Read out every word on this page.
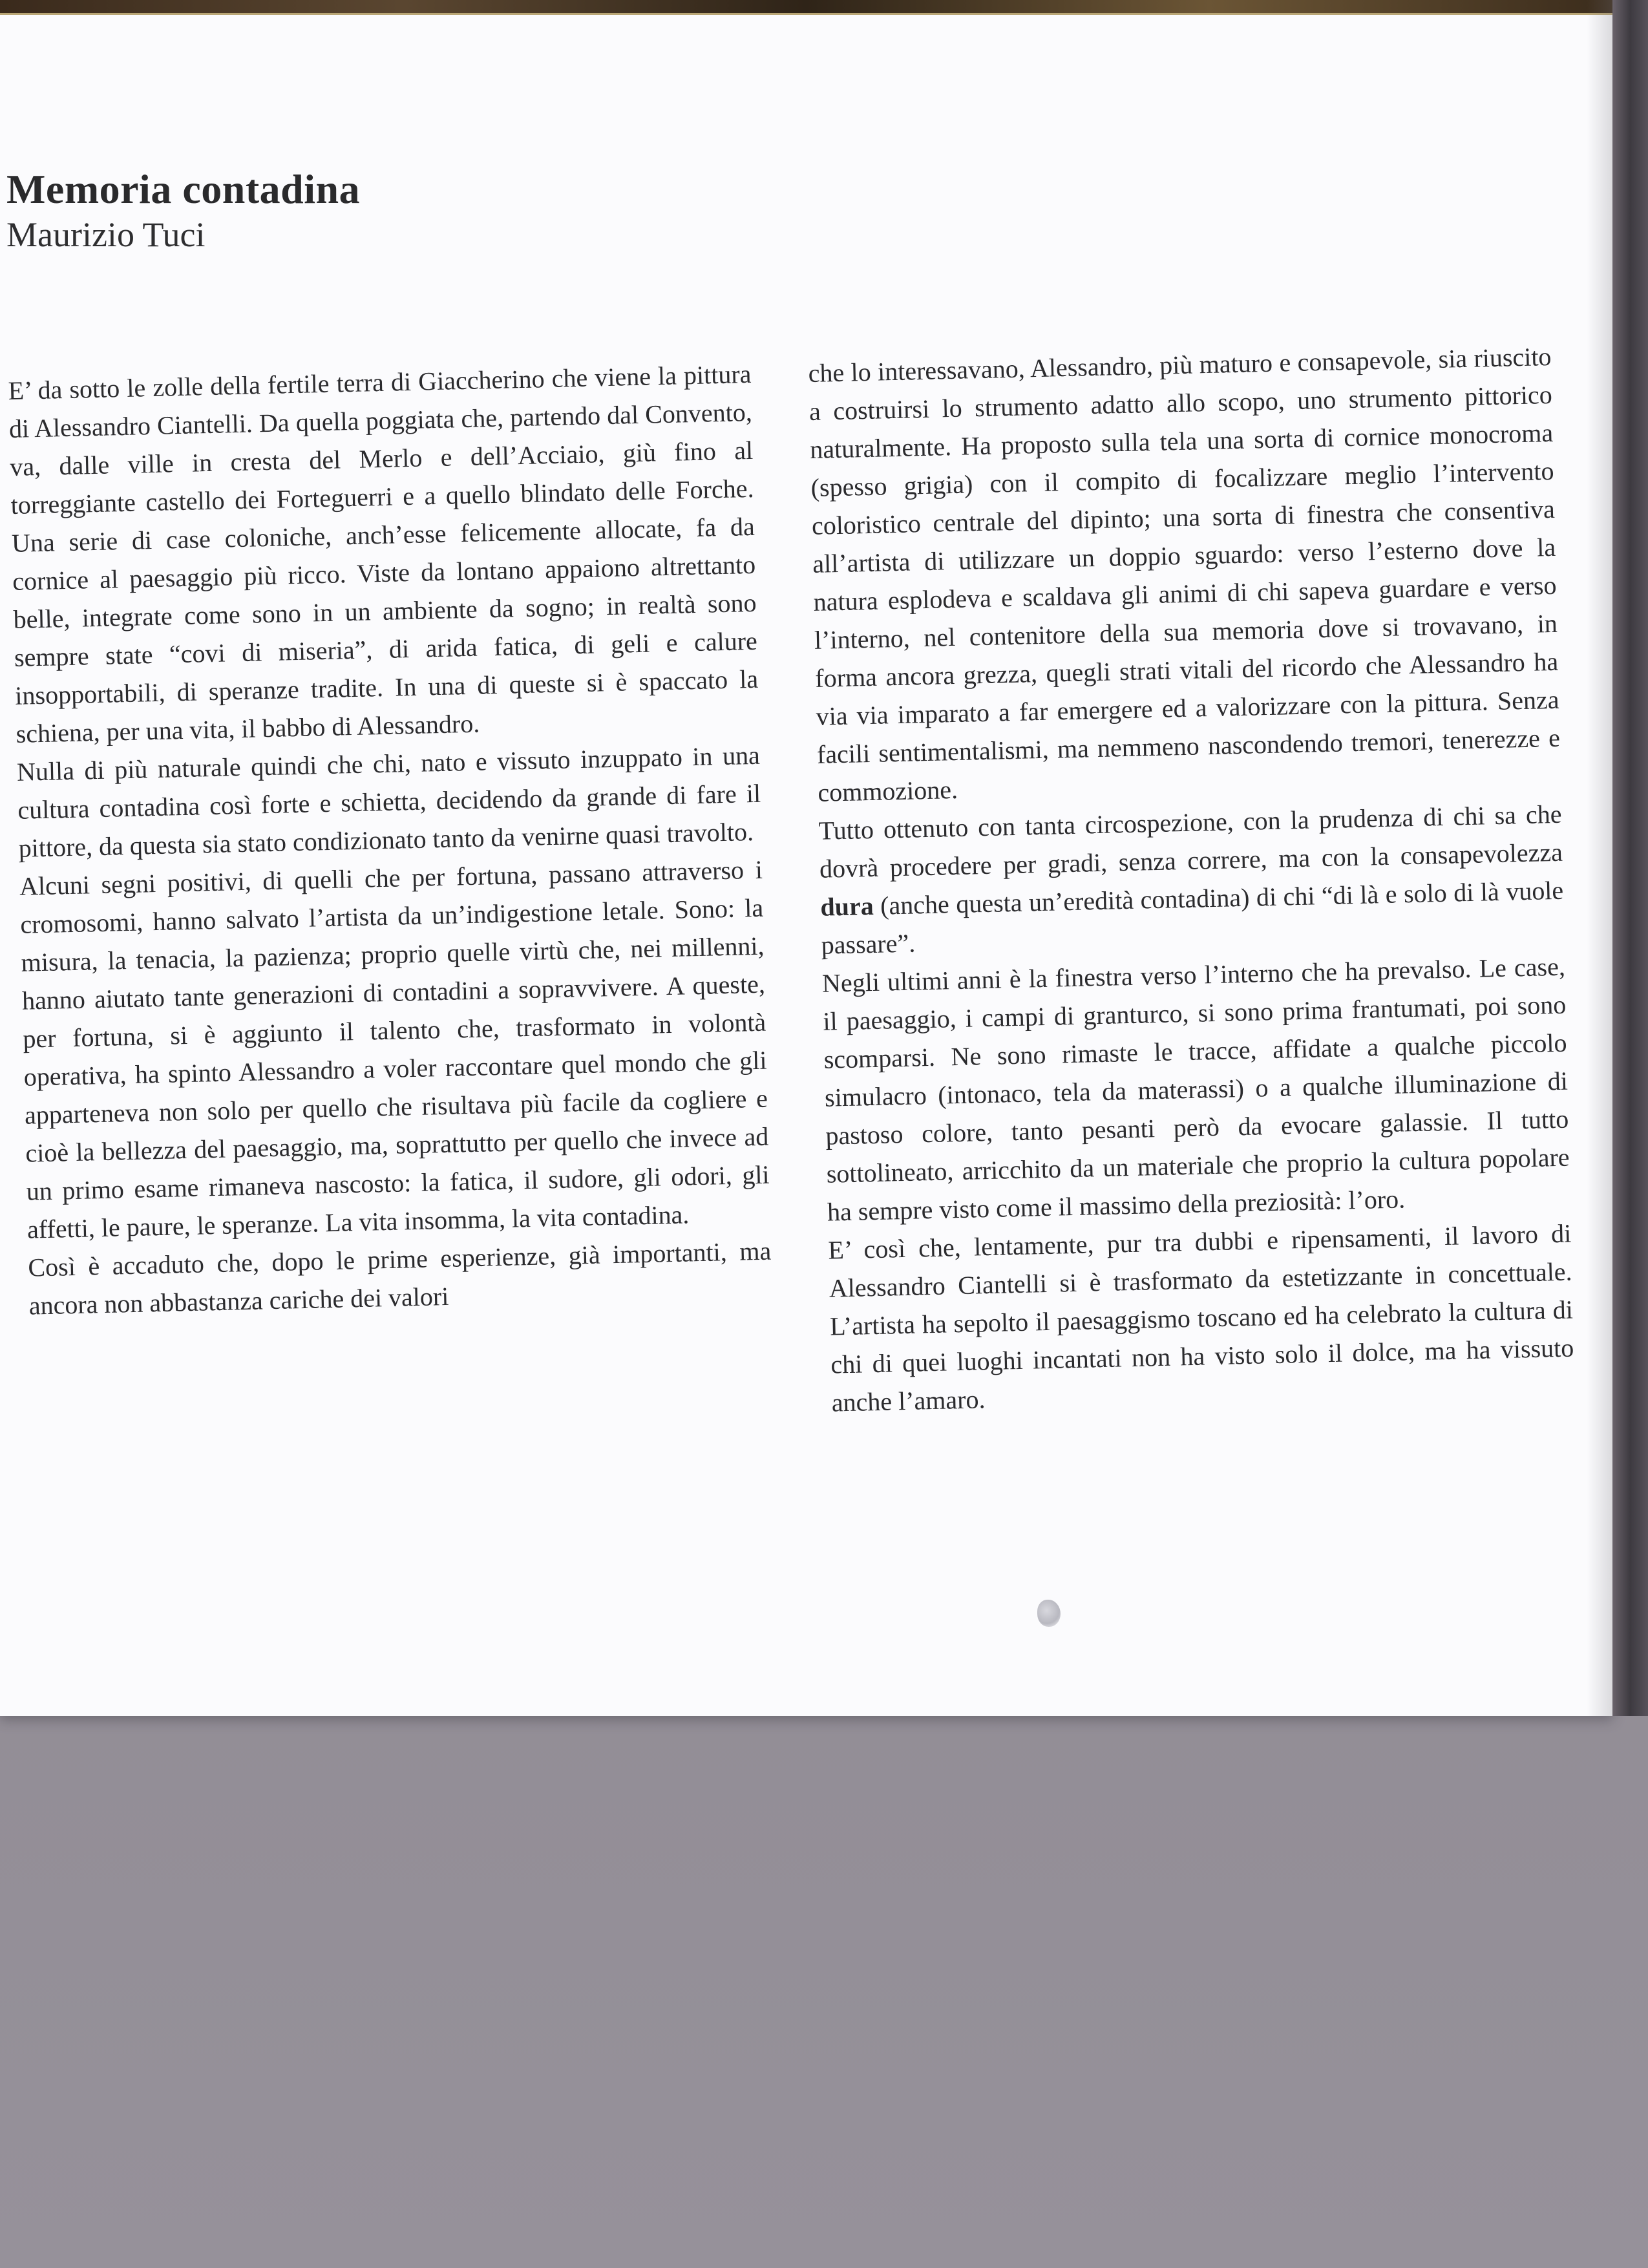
Memoria contadina
Maurizio Tuci

E’ da sotto le zolle della fertile terra di Giaccherino che viene la pittura di Alessandro Ciantelli. Da quella poggiata che, partendo dal Convento, va, dalle ville in cresta del Merlo e dell’Acciaio, giù fino al torreggiante castello dei Forteguerri e a quello blindato delle Forche. Una serie di case coloniche, anch’esse felicemente allocate, fa da cornice al paesaggio più ricco. Viste da lontano appaiono altrettanto belle, integrate come sono in un ambiente da sogno; in realtà sono sempre state “covi di miseria”, di arida fatica, di geli e calure insopportabili, di speranze tradite. In una di queste si è spaccato la schiena, per una vita, il babbo di Alessandro.

Nulla di più naturale quindi che chi, nato e vissuto inzuppato in una cultura contadina così forte e schietta, decidendo da grande di fare il pittore, da questa sia stato condizionato tanto da venirne quasi travolto.

Alcuni segni positivi, di quelli che per fortuna, passano attraverso i cromosomi, hanno salvato l’artista da un’indigestione letale. Sono: la misura, la tenacia, la pazienza; proprio quelle virtù che, nei millenni, hanno aiutato tante generazioni di contadini a sopravvivere. A queste, per fortuna, si è aggiunto il talento che, trasformato in volontà operativa, ha spinto Alessandro a voler raccontare quel mondo che gli apparteneva non solo per quello che risultava più facile da cogliere e cioè la bellezza del paesaggio, ma, soprattutto per quello che invece ad un primo esame rimaneva nascosto: la fatica, il sudore, gli odori, gli affetti, le paure, le speranze. La vita insomma, la vita contadina.

Così è accaduto che, dopo le prime esperienze, già importanti, ma ancora non abbastanza cariche dei valori

che lo interessavano, Alessandro, più maturo e consapevole, sia riuscito a costruirsi lo strumento adatto allo scopo, uno strumento pittorico naturalmente. Ha proposto sulla tela una sorta di cornice monocroma (spesso grigia) con il compito di focalizzare meglio l’intervento coloristico centrale del dipinto; una sorta di finestra che consentiva all’artista di utilizzare un doppio sguardo: verso l’esterno dove la natura esplodeva e scaldava gli animi di chi sapeva guardare e verso l’interno, nel contenitore della sua memoria dove si trovavano, in forma ancora grezza, quegli strati vitali del ricordo che Alessandro ha via via imparato a far emergere ed a valorizzare con la pittura. Senza facili sentimentalismi, ma nemmeno nascondendo tremori, tenerezze e commozione.

Tutto ottenuto con tanta circospezione, con la prudenza di chi sa che dovrà procedere per gradi, senza correre, ma con la consapevolezza dura (anche questa un’eredità contadina) di chi “di là e solo di là vuole passare”.

Negli ultimi anni è la finestra verso l’interno che ha prevalso. Le case, il paesaggio, i campi di granturco, si sono prima frantumati, poi sono scomparsi. Ne sono rimaste le tracce, affidate a qualche piccolo simulacro (intonaco, tela da materassi) o a qualche illuminazione di pastoso colore, tanto pesanti però da evocare galassie. Il tutto sottolineato, arricchito da un materiale che proprio la cultura popolare ha sempre visto come il massimo della preziosità: l’oro.

E’ così che, lentamente, pur tra dubbi e ripensamenti, il lavoro di Alessandro Ciantelli si è trasformato da estetizzante in concettuale. L’artista ha sepolto il paesaggismo toscano ed ha celebrato la cultura di chi di quei luoghi incantati non ha visto solo il dolce, ma ha vissuto anche l’amaro.
